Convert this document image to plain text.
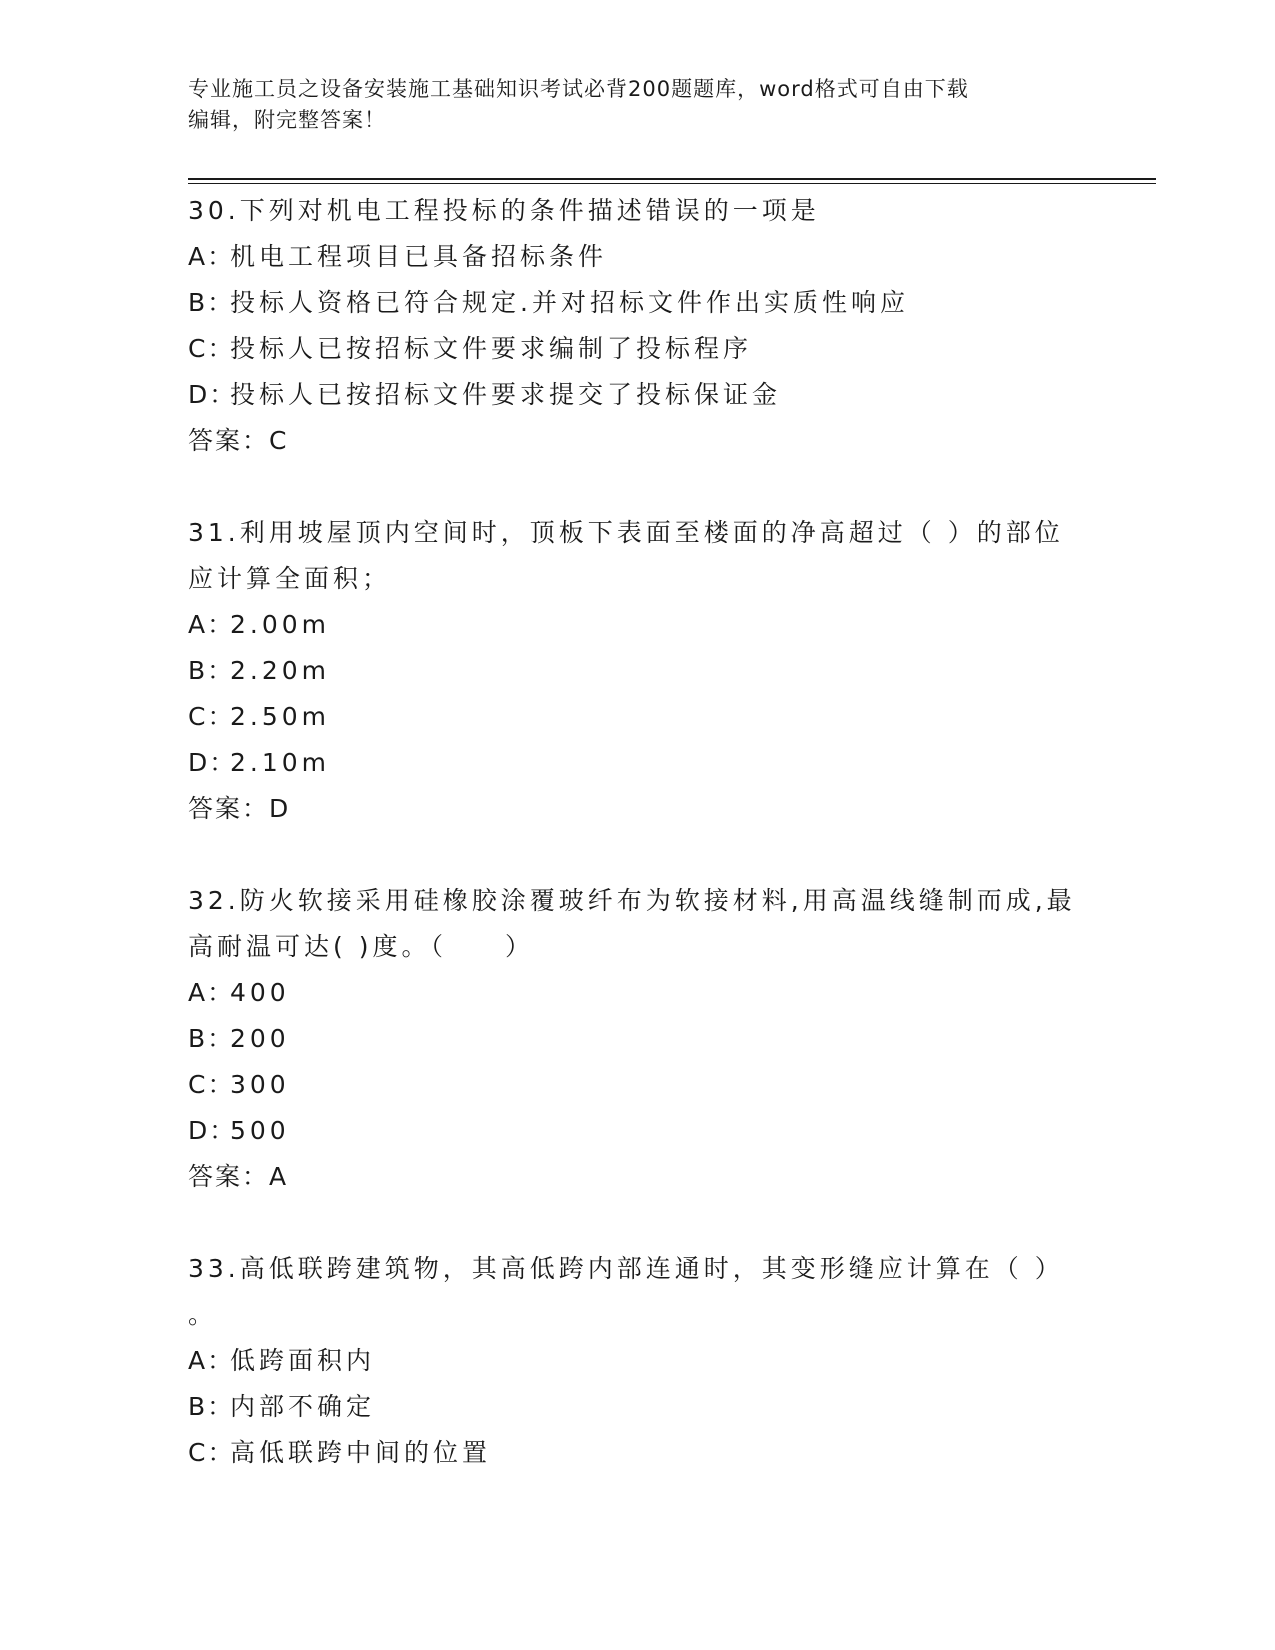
专业施工员之设备安装施工基础知识考试必背200题题库，word格式可自由下载
编辑，附完整答案！

30.下列对机电工程投标的条件描述错误的一项是

A：机电工程项目已具备招标条件

B：投标人资格已符合规定.并对招标文件作出实质性响应

C：投标人已按招标文件要求编制了投标程序

D：投标人已按招标文件要求提交了投标保证金

答案：C

31.利用坡屋顶内空间时，顶板下表面至楼面的净高超过（ ）的部位

应计算全面积；

A：2.00m

B：2.20m

C：2.50m

D：2.10m

答案：D

32.防火软接采用硅橡胶涂覆玻纤布为软接材料,用高温线缝制而成,最

高耐温可达( )度。（　　）

A：400

B：200

C：300

D：500

答案：A

33.高低联跨建筑物，其高低跨内部连通时，其变形缝应计算在（ ）

。

A：低跨面积内

B：内部不确定

C：高低联跨中间的位置
